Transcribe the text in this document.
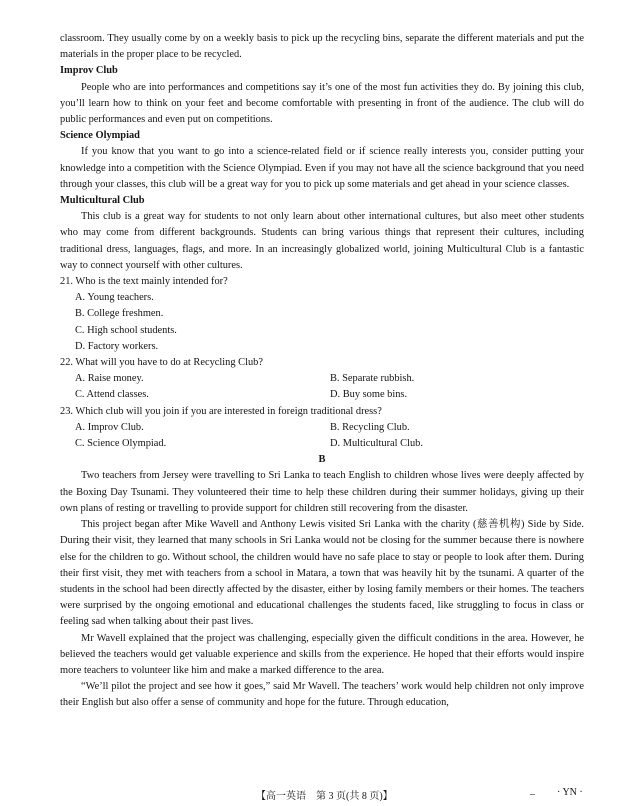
classroom. They usually come by on a weekly basis to pick up the recycling bins, separate the different materials and put the materials in the proper place to be recycled.

Improv Club

People who are into performances and competitions say it’s one of the most fun activities they do. By joining this club, you’ll learn how to think on your feet and become comfortable with presenting in front of the audience. The club will do public performances and even put on competitions.

Science Olympiad

If you know that you want to go into a science-related field or if science really interests you, consider putting your knowledge into a competition with the Science Olympiad. Even if you may not have all the science background that you need through your classes, this club will be a great way for you to pick up some materials and get ahead in your science classes.

Multicultural Club

This club is a great way for students to not only learn about other international cultures, but also meet other students who may come from different backgrounds. Students can bring various things that represent their cultures, including traditional dress, languages, flags, and more. In an increasingly globalized world, joining Multicultural Club is a fantastic way to connect yourself with other cultures.

21. Who is the text mainly intended for?

A. Young teachers.

B. College freshmen.

C. High school students.

D. Factory workers.

22. What will you have to do at Recycling Club?

A. Raise money.	B. Separate rubbish.
C. Attend classes.	D. Buy some bins.

23. Which club will you join if you are interested in foreign traditional dress?

A. Improv Club.	B. Recycling Club.
C. Science Olympiad.	D. Multicultural Club.

B

Two teachers from Jersey were travelling to Sri Lanka to teach English to children whose lives were deeply affected by the Boxing Day Tsunami. They volunteered their time to help these children during their summer holidays, giving up their own plans of resting or travelling to provide support for children still recovering from the disaster.

This project began after Mike Wavell and Anthony Lewis visited Sri Lanka with the charity (慈善机构) Side by Side. During their visit, they learned that many schools in Sri Lanka would not be closing for the summer because there is nowhere else for the children to go. Without school, the children would have no safe place to stay or people to look after them. During their first visit, they met with teachers from a school in Matara, a town that was heavily hit by the tsunami. A quarter of the students in the school had been directly affected by the disaster, either by losing family members or their homes. The teachers were surprised by the ongoing emotional and educational challenges the students faced, like struggling to focus in class or feeling sad when talking about their past lives.

Mr Wavell explained that the project was challenging, especially given the difficult conditions in the area. However, he believed the teachers would get valuable experience and skills from the experience. He hoped that their efforts would inspire more teachers to volunteer like him and make a marked difference to the area.

“We’ll pilot the project and see how it goes,” said Mr Wavell. The teachers’ work would help children not only improve their English but also offer a sense of community and hope for the future. Through education,

【高一英语　第 3 页(共 8 页)】
_ · YN ·
